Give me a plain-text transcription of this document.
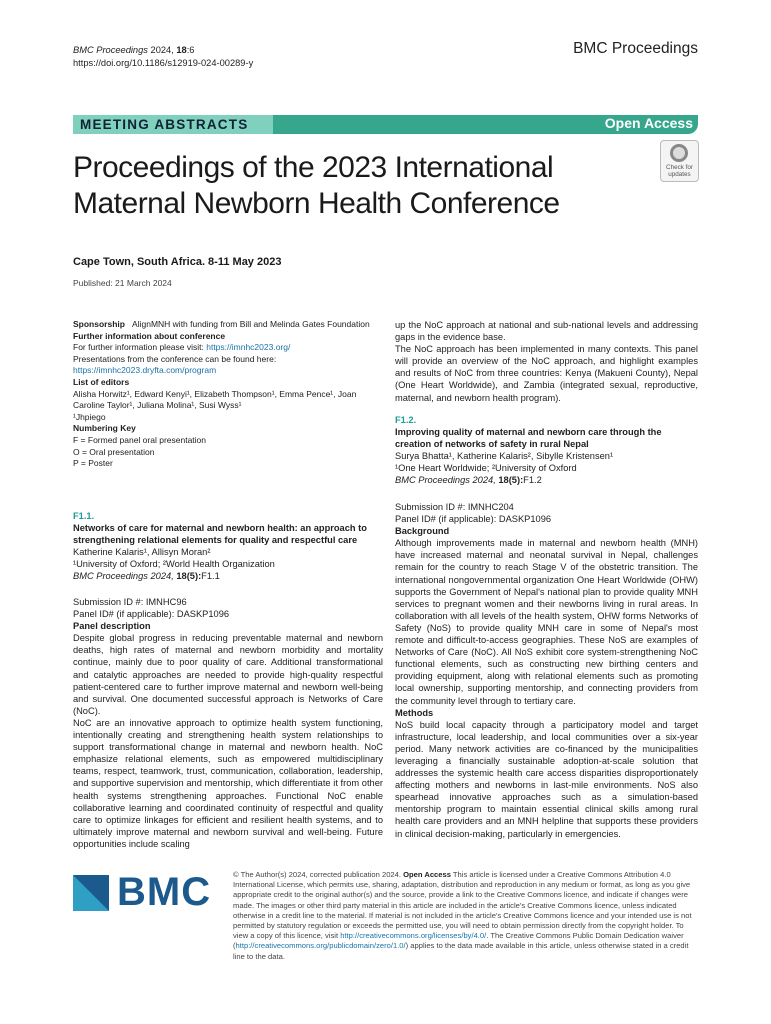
BMC Proceedings 2024, 18:6
https://doi.org/10.1186/s12919-024-00289-y
BMC Proceedings
MEETING ABSTRACTS	Open Access
Proceedings of the 2023 International Maternal Newborn Health Conference
Check for
updates
Cape Town, South Africa. 8-11 May 2023
Published: 21 March 2024

Sponsorship AlignMNH with funding from Bill and Melinda Gates Foundation

Further information about conference

For further information please visit: https://imnhc2023.org/

Presentations from the conference can be found here:

https://imnhc2023.dryfta.com/program

List of editors

Alisha Horwitz¹, Edward Kenyi¹, Elizabeth Thompson¹, Emma Pence¹, Joan Caroline Taylor¹, Juliana Molina¹, Susi Wyss¹

¹Jhpiego

Numbering Key

F = Formed panel oral presentation

O = Oral presentation

P = Poster

F1.1.

Networks of care for maternal and newborn health: an approach to strengthening relational elements for quality and respectful care

Katherine Kalaris¹, Allisyn Moran²

¹University of Oxford; ²World Health Organization

BMC Proceedings 2024, 18(5):F1.1

Submission ID #: IMNHC96

Panel ID# (if applicable): DASKP1096

Panel description

Despite global progress in reducing preventable maternal and newborn deaths, high rates of maternal and newborn morbidity and mortality continue, mainly due to poor quality of care. Additional transformational and catalytic approaches are needed to provide high-quality respectful patient-centered care to further improve maternal and newborn well-being and survival. One documented successful approach is Networks of Care (NoC).

NoC are an innovative approach to optimize health system functioning, intentionally creating and strengthening health system relationships to support transformational change in maternal and newborn health. NoC emphasize relational elements, such as empowered multidisciplinary teams, respect, teamwork, trust, communication, collaboration, leadership, and supportive supervision and mentorship, which differentiate it from other health systems strengthening approaches. Functional NoC enable collaborative learning and coordinated continuity of respectful and quality care to optimize linkages for efficient and resilient health systems, and to ultimately improve maternal and newborn survival and well-being. Future opportunities include scaling

up the NoC approach at national and sub-national levels and addressing gaps in the evidence base.

The NoC approach has been implemented in many contexts. This panel will provide an overview of the NoC approach, and highlight examples and results of NoC from three countries: Kenya (Makueni County), Nepal (One Heart Worldwide), and Zambia (integrated sexual, reproductive, maternal, and newborn health program).

F1.2.

Improving quality of maternal and newborn care through the creation of networks of safety in rural Nepal

Surya Bhatta¹, Katherine Kalaris², Sibylle Kristensen¹

¹One Heart Worldwide; ²University of Oxford

BMC Proceedings 2024, 18(5):F1.2

Submission ID #: IMNHC204

Panel ID# (if applicable): DASKP1096

Background

Although improvements made in maternal and newborn health (MNH) have increased maternal and neonatal survival in Nepal, challenges remain for the country to reach Stage V of the obstetric transition. The international nongovernmental organization One Heart Worldwide (OHW) supports the Government of Nepal's national plan to provide quality MNH services to pregnant women and their newborns living in rural areas. In collaboration with all levels of the health system, OHW forms Networks of Safety (NoS) to provide quality MNH care in some of Nepal's most remote and difficult-to-access geographies. These NoS are examples of Networks of Care (NoC). All NoS exhibit core system-strengthening NoC functional elements, such as constructing new birthing centers and providing equipment, along with relational elements such as promoting local ownership, supporting mentorship, and connecting providers from the community level through to tertiary care.

Methods

NoS build local capacity through a participatory model and target infrastructure, local leadership, and local communities over a six-year period. Many network activities are co-financed by the municipalities leveraging a financially sustainable adoption-at-scale solution that addresses the systemic health care access disparities disproportionately affecting mothers and newborns in last-mile environments. NoS also spearhead innovative approaches such as a simulation-based mentorship program to maintain essential clinical skills among rural health care providers and an MNH helpline that supports these providers in clinical decision-making, particularly in emergencies.

BMC	© The Author(s) 2024, corrected publication 2024. Open Access This article is licensed under a Creative Commons Attribution 4.0 International License, which permits use, sharing, adaptation, distribution and reproduction in any medium or format, as long as you give appropriate credit to the original author(s) and the source, provide a link to the Creative Commons licence, and indicate if changes were made. The images or other third party material in this article are included in the article's Creative Commons licence, unless indicated otherwise in a credit line to the material. If material is not included in the article's Creative Commons licence and your intended use is not permitted by statutory regulation or exceeds the permitted use, you will need to obtain permission directly from the copyright holder. To view a copy of this licence, visit http://creativecommons.org/licenses/by/4.0/. The Creative Commons Public Domain Dedication waiver (http://creativecommons.org/publicdomain/zero/1.0/) applies to the data made available in this article, unless otherwise stated in a credit line to the data.
